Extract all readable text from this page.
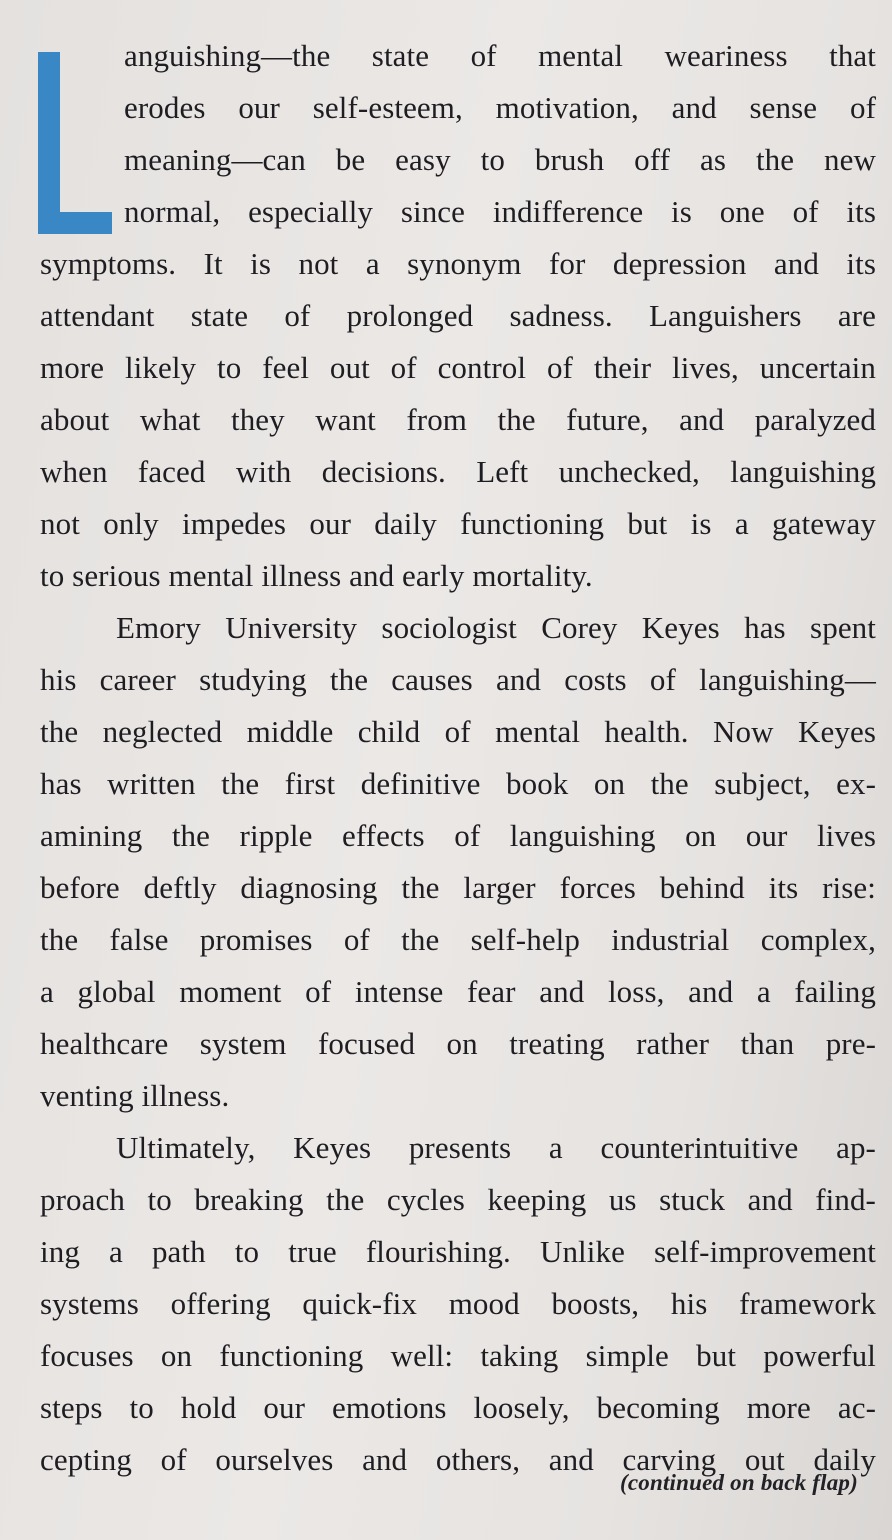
anguishing—the state of mental weariness that
erodes our self-esteem, motivation, and sense of
meaning—can be easy to brush off as the new
normal, especially since indifference is one of its
symptoms. It is not a synonym for depression and its
attendant state of prolonged sadness. Languishers are
more likely to feel out of control of their lives, uncertain
about what they want from the future, and paralyzed
when faced with decisions. Left unchecked, languishing
not only impedes our daily functioning but is a gateway
to serious mental illness and early mortality.
Emory University sociologist Corey Keyes has spent
his career studying the causes and costs of languishing—
the neglected middle child of mental health. Now Keyes
has written the first definitive book on the subject, ex-
amining the ripple effects of languishing on our lives
before deftly diagnosing the larger forces behind its rise:
the false promises of the self-help industrial complex,
a global moment of intense fear and loss, and a failing
healthcare system focused on treating rather than pre-
venting illness.
Ultimately, Keyes presents a counterintuitive ap-
proach to breaking the cycles keeping us stuck and find-
ing a path to true flourishing. Unlike self-improvement
systems offering quick-fix mood boosts, his framework
focuses on functioning well: taking simple but powerful
steps to hold our emotions loosely, becoming more ac-
cepting of ourselves and others, and carving out daily
(continued on back flap)
